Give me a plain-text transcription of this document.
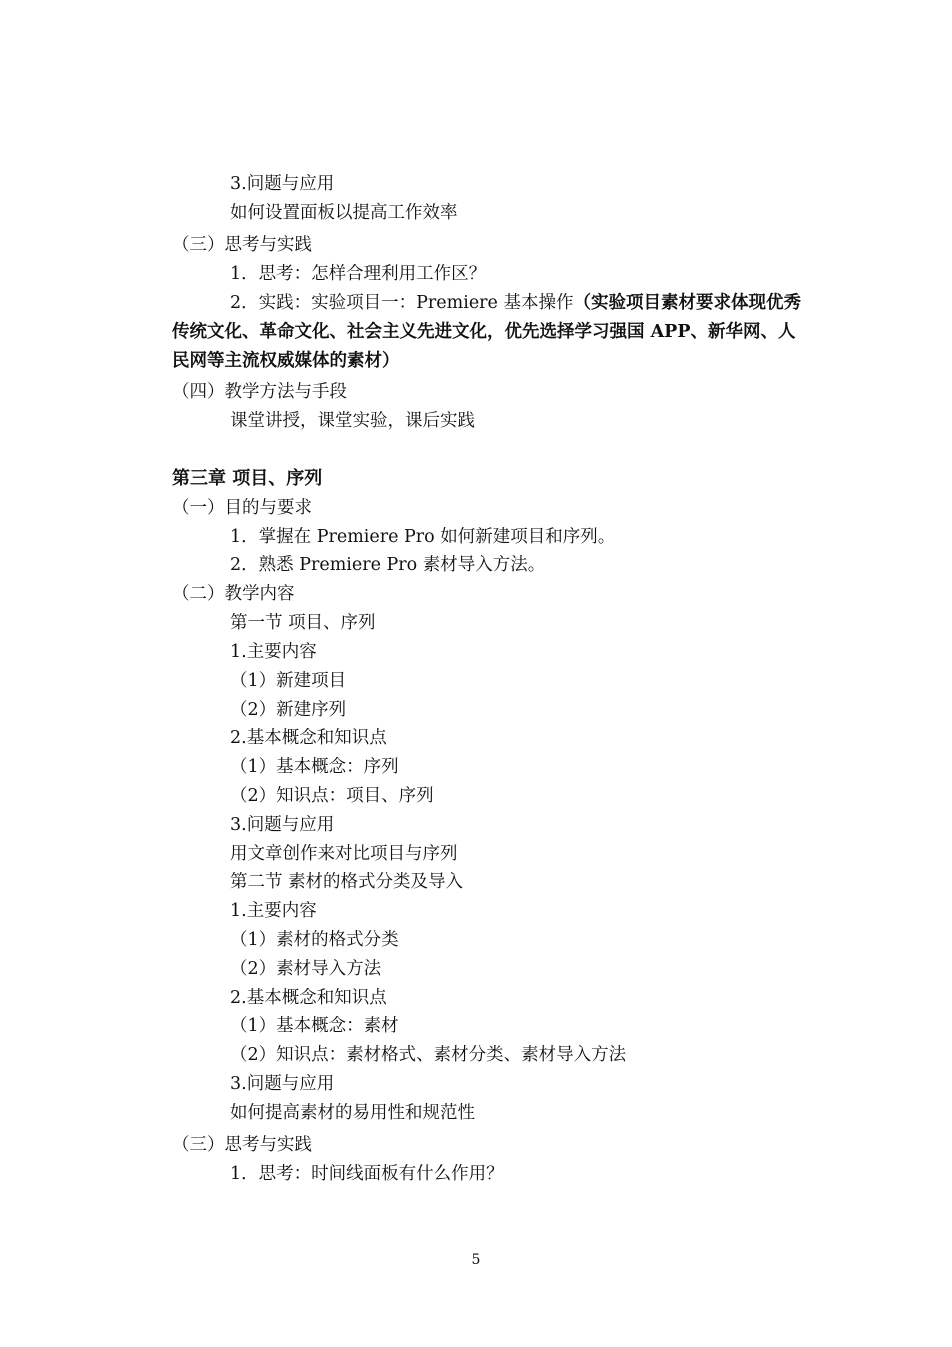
3.问题与应用
如何设置面板以提高工作效率
（三）思考与实践
1．思考：怎样合理利用工作区？
2．实践：实验项目一：Premiere 基本操作（实验项目素材要求体现优秀
传统文化、革命文化、社会主义先进文化，优先选择学习强国 APP、新华网、人
民网等主流权威媒体的素材）
（四）教学方法与手段
课堂讲授，课堂实验，课后实践
第三章 项目、序列
（一）目的与要求
1．掌握在 Premiere Pro 如何新建项目和序列。
2．熟悉 Premiere Pro 素材导入方法。
（二）教学内容
第一节 项目、序列
1.主要内容
（1）新建项目
（2）新建序列
2.基本概念和知识点
（1）基本概念：序列
（2）知识点：项目、序列
3.问题与应用
用文章创作来对比项目与序列
第二节 素材的格式分类及导入
1.主要内容
（1）素材的格式分类
（2）素材导入方法
2.基本概念和知识点
（1）基本概念：素材
（2）知识点：素材格式、素材分类、素材导入方法
3.问题与应用
如何提高素材的易用性和规范性
（三）思考与实践
1．思考：时间线面板有什么作用？
5
